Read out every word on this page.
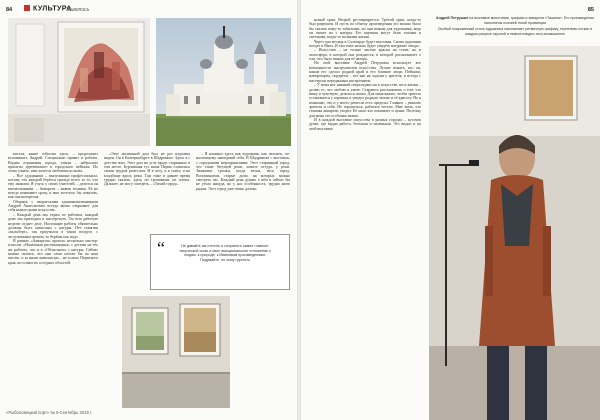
84	КУЛЬТУРА
Живопись

висела, какие события здесь, – продолжает вспоминать Андрей. Специально привез и работы. Видны отражения города, улицы – неброские приметы деревенского и городского пейзажа. Их легко узнать, ими хочется любоваться снова.

– Все художники – выпускники профессионала, потому что каждый берётся прежде всего за то, что ему знакомо. Я учусь у своих учителей, – делится он впечатлениями. – Акварель – живая техника, Её не всегда понимают сразу, и мне хотелось бы показать, как она интересна.

Общаясь с творческими единомышленниками Андрей Анатольевич всегда вновь открывает для себя новые грани искусства.

– Каждый день мы ездим по рабочим, каждый день мы приходим в мастерскую. Он всю рабочую неделю отдает делу. Настоящие работы обязательно должны быть написаны с натуры. Нет понятия «мольберт», так приучился в таком воздухе, с заслуженным сроком, то берёшь как надо.

В рамках «Акварели» прошло несколько мастер-классов. «Начальная рисовальщика» с детьми на тех же работах, что и в «Областном» с натуры. Сейчас можно сказать, что они сами хотели бы по ним писать, и за ними живописцы – не только Пермского края, но и многих соседних областей.

«Этот маленький дом был не раз издалека виден. Он в Екатеринбурге в Шадринске. Здесь я с детства жил. Этот дом на углу вроде старинных в том месте. Бурлившая тут наша Пермь славилась своим трудом ремеслом. И в лесу, и в скиту, и на кладбище вдоль реки. Там тоже в давнее время трудно сказать, здесь по тропинкам, не спеша. Дальнее, не могу смотреть – «Тихий город».

– Я начинал здесь как художник, как человек, по-настоящему нашедший себя. В Шадринске с выставок, с городскими мероприятиями: Этот старинный город, что тише бегущей реки, ловите оттуда, у реки. Знакомые тропки, когда весна, весь город. Вспоминаешь старые дома, на которых можно смотреть час. Каждый день думаю о нём и сейчас бы не уехал никуда, но у нас особенность: трудно жить рядом. Этот город уже очень далеко.

“	Не давайте им отгнить и сохранять самое главное: творческой силы и свое эмоциональное отношение к людям, к природе, к Ивановым произведениям. Подумайте, по чему грустить
«Рыболовецкий порт» № 9 Сентябрь 2019 г.
85
Андрей Петрушин на выставке монотипии, графики и акварели «Тишина». Его произведения наполнены поэзией тихой провинции
Особый очарованный стиль художника напоминает ритмичную графику, терпеливо соткан в каждом рисунке скучной и немноголюдно-тихо-возвышенно

новый храм. Второй реставрируется. Третий храм, когда-то был разрушен. И пусть по объему произведения это можно было бы сказать кому-то забытыми, но они важны для художника, ведь он пишет их с натуры. Его картины могут быть тихими и светлыми, когда-то полными жизни.

Через три месяца в Салехарде будет выставка. Снова художник поедет в Ямал. И там тоже можно будет увидеть натурные этюды.

– Искусство – не только чистые краски на стене, но и атмосфера, в которой она рождается, в которой рассказывает о том, что было важно для её автора.

На этой выставке Андрей Петрушин использует все возможности инструментов искусства. Лучше понять, кто он, каким его сделал родной край и его близкие люди. Пейзажи, натюрморты, портреты – все как на ладони у зрителя, и всегда с мастерски переданным настроением.

– У меня нет никакой сверхзадачи ни в искусстве, ни в жизни – делаю то, что люблю и умею. Стараюсь рассказывать о том, что вижу и чувствую, делиться своим. Для меня важно, чтобы зритель остановился у картины и увидел родную землю и её красоту. Но я понимаю, что и у моего ремесла есть пределы. Главное – уважать зрителя и себя. Не торопиться, работать честно. Мне жаль, что техника акварели уходит. Её мало кто понимает и ценит. Поэтому для меня это особенно важно.

И в каждой выставке искусства в разных городах – кусочек души, где видна работа, большая и маленькая. Это видно и на этой выставке.
